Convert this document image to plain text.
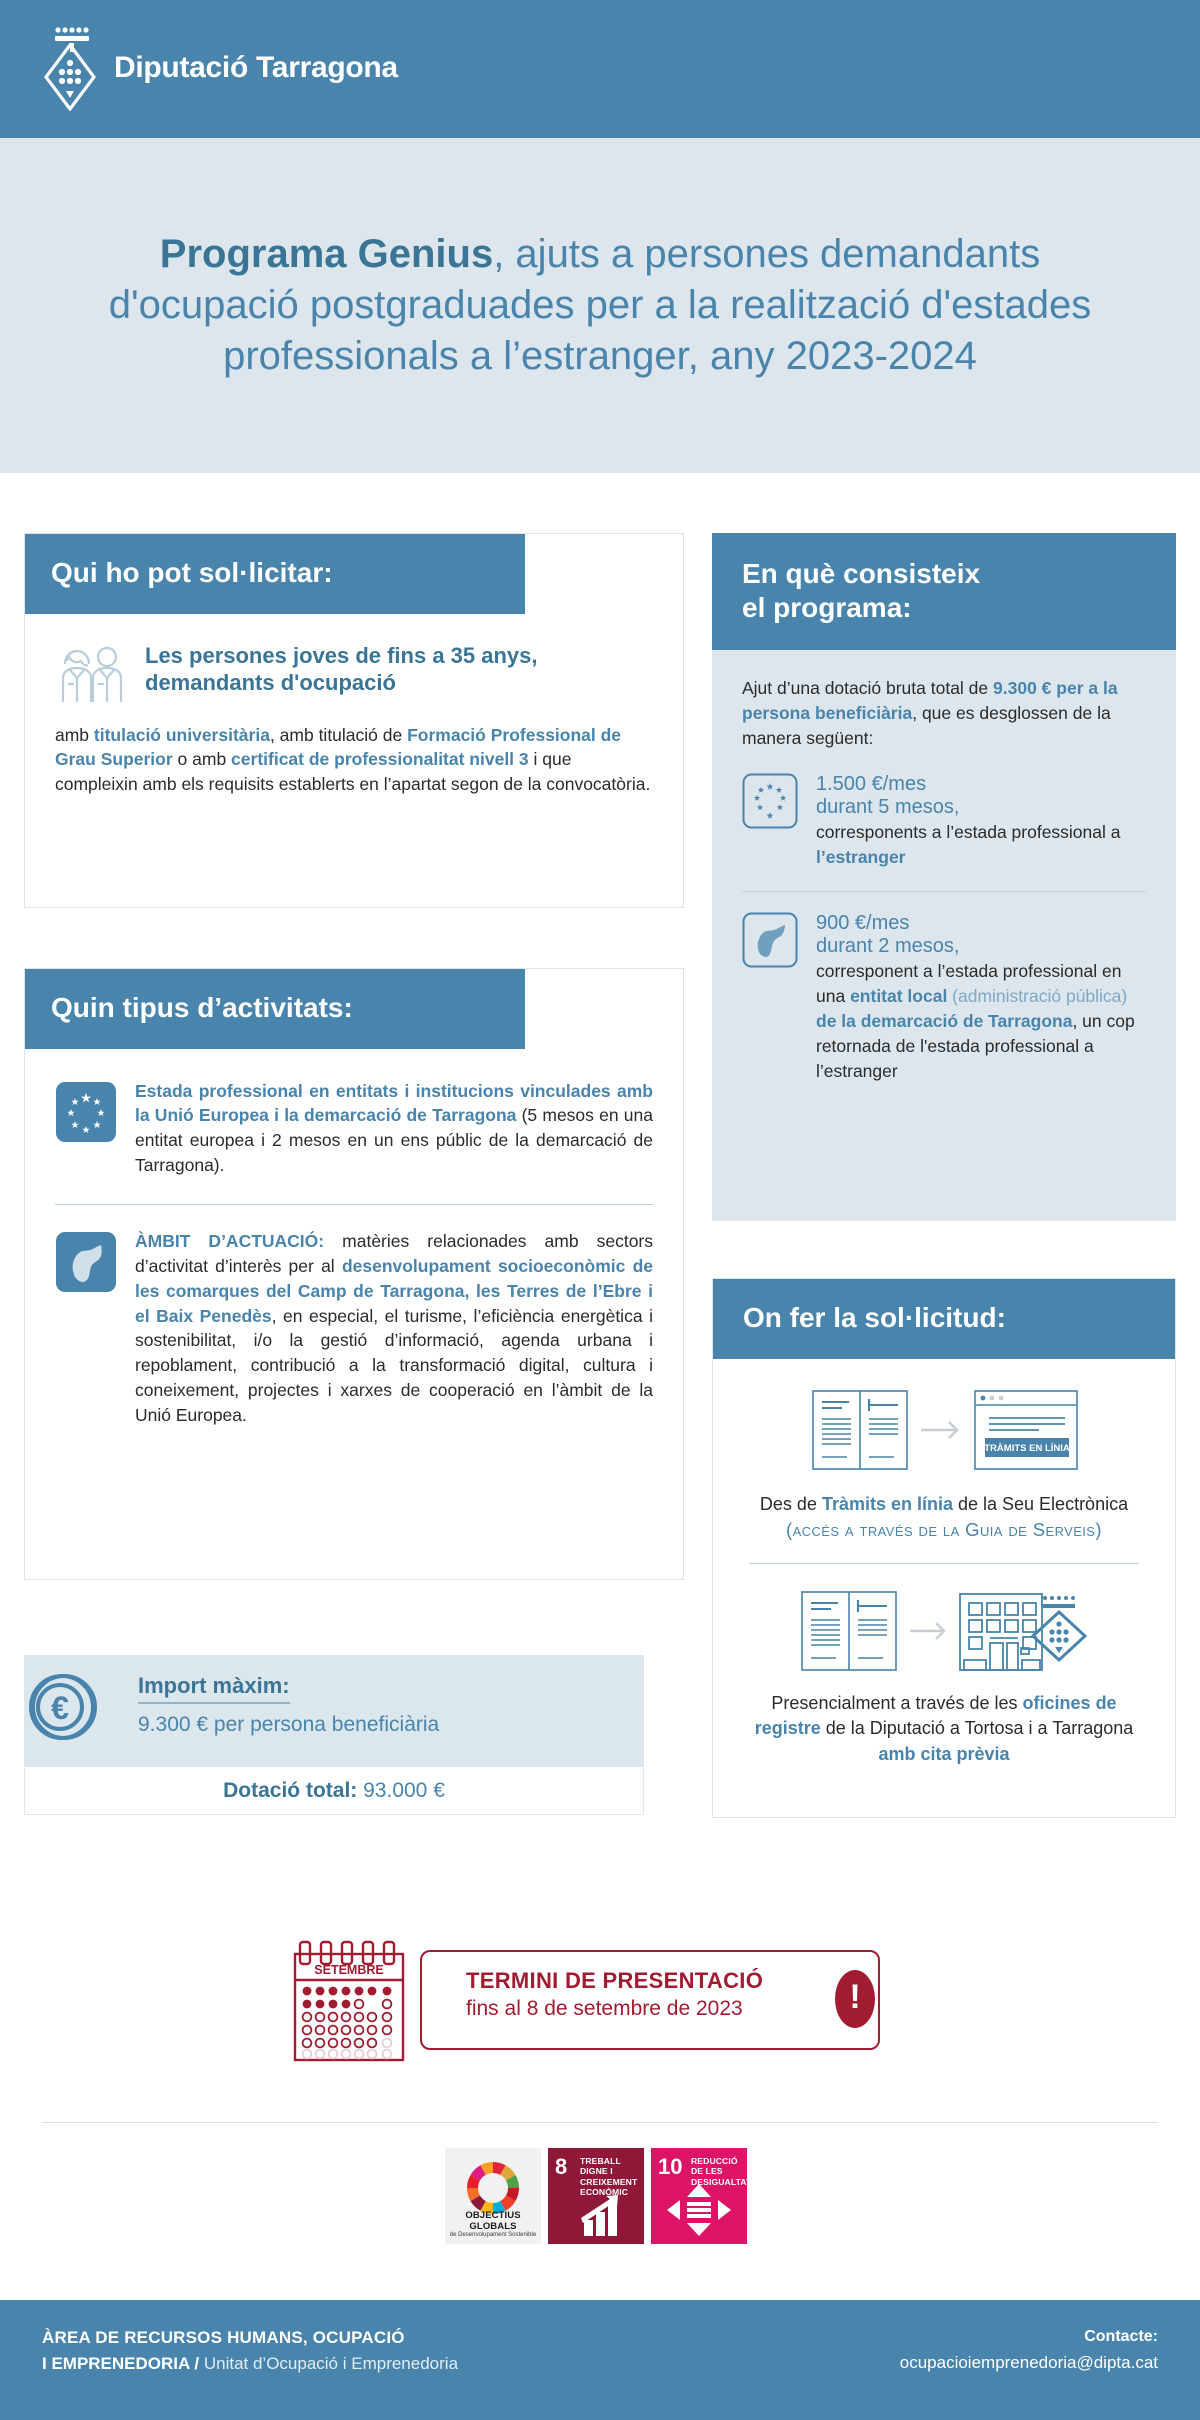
Diputació Tarragona
Programa Genius, ajuts a persones demandants d'ocupació postgraduades per a la realització d'estades professionals a l’estranger, any 2023-2024
Qui ho pot sol·licitar:
Les persones joves de fins a 35 anys, demandants d'ocupació
amb titulació universitària, amb titulació de Formació Professional de Grau Superior o amb certificat de professionalitat nivell 3 i que compleixin amb els requisits establerts en l’apartat segon de la convocatòria.
Quin tipus d’activitats:
Estada professional en entitats i institucions vinculades amb la Unió Europea i la demarcació de Tarragona (5 mesos en una entitat europea i 2 mesos en un ens públic de la demarcació de Tarragona).
ÀMBIT D’ACTUACIÓ: matèries relacionades amb sectors d’activitat d’interès per al desenvolupament socioeconòmic de les comarques del Camp de Tarragona, les Terres de l’Ebre i el Baix Penedès, en especial, el turisme, l’eficiència energètica i sostenibilitat, i/o la gestió d’informació, agenda urbana i repoblament, contribució a la transformació digital, cultura i coneixement, projectes i xarxes de cooperació en l’àmbit de la Unió Europea.
€
Import màxim:
9.300 € per persona beneficiària
Dotació total: 93.000 €
En què consisteix
el programa:
Ajut d’una dotació bruta total de 9.300 € per a la persona beneficiària, que es desglossen de la manera següent:
1.500 €/mes
durant 5 mesos,
corresponents a l’estada professional a l’estranger
900 €/mes
durant 2 mesos,
corresponent a l’estada professional en una entitat local (administració pública) de la demarcació de Tarragona, un cop retornada de l'estada professional a l’estranger
On fer la sol·licitud:
TRÀMITS EN LÍNIA
Des de Tràmits en línia de la Seu Electrònica
(accés a través de la Guia de Serveis)
Presencialment a través de les oficines de registre de la Diputació a Tortosa i a Tarragona amb cita prèvia
SETEMBRE	TERMINI DE PRESENTACIÓ
fins al 8 de setembre de 2023	!
OBJECTIUS GLOBALS
de Desenvolupament Sostenible
8 TREBALL DIGNE I CREIXEMENT ECONÒMIC
10 REDUCCIÓ DE LES DESIGUALTATS
ÀREA DE RECURSOS HUMANS, OCUPACIÓ
I EMPRENEDORIA / Unitat d’Ocupació i Emprenedoria
Contacte:
ocupacioiemprenedoria@dipta.cat
